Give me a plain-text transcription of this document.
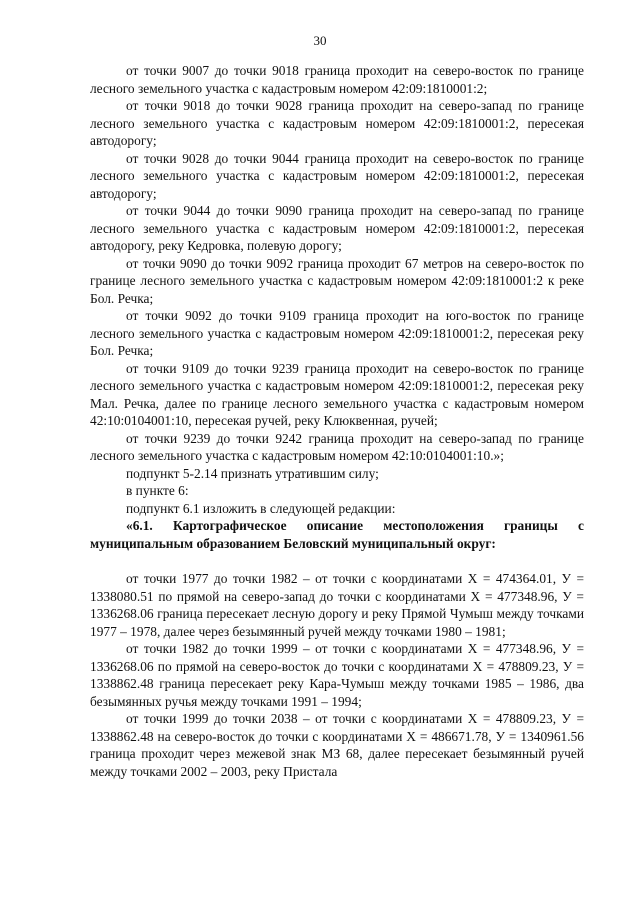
30

от точки 9007 до точки 9018 граница проходит на северо-восток по границе лесного земельного участка с кадастровым номером 42:09:1810001:2;

от точки 9018 до точки 9028 граница проходит на северо-запад по границе лесного земельного участка с кадастровым номером 42:09:1810001:2, пересекая автодорогу;

от точки 9028 до точки 9044 граница проходит на северо-восток по границе лесного земельного участка с кадастровым номером 42:09:1810001:2, пересекая автодорогу;

от точки 9044 до точки 9090 граница проходит на северо-запад по границе лесного земельного участка с кадастровым номером 42:09:1810001:2, пересекая автодорогу, реку Кедровка, полевую дорогу;

от точки 9090 до точки 9092 граница проходит 67 метров на северо-восток по границе лесного земельного участка с кадастровым номером 42:09:1810001:2 к реке Бол. Речка;

от точки 9092 до точки 9109 граница проходит на юго-восток по границе лесного земельного участка с кадастровым номером 42:09:1810001:2, пересекая реку Бол. Речка;

от точки 9109 до точки 9239 граница проходит на северо-восток по границе лесного земельного участка с кадастровым номером 42:09:1810001:2, пересекая реку Мал. Речка, далее по границе лесного земельного участка с кадастровым номером 42:10:0104001:10, пересекая ручей, реку Клюквенная, ручей;

от точки 9239 до точки 9242 граница проходит на северо-запад по границе лесного земельного участка с кадастровым номером 42:10:0104001:10.»;

подпункт 5-2.14 признать утратившим силу;

в пункте 6:

подпункт 6.1 изложить в следующей редакции:

«6.1. Картографическое описание местоположения границы с муниципальным образованием Беловский муниципальный округ:

от точки 1977 до точки 1982 – от точки с координатами Х = 474364.01, У = 1338080.51 по прямой на северо-запад до точки с координатами Х = 477348.96, У = 1336268.06 граница пересекает лесную дорогу и реку Прямой Чумыш между точками 1977 – 1978, далее через безымянный ручей между точками 1980 – 1981;

от точки 1982 до точки 1999 – от точки с координатами Х = 477348.96, У = 1336268.06 по прямой на северо-восток до точки с координатами Х = 478809.23, У = 1338862.48 граница пересекает реку Кара-Чумыш между точками 1985 – 1986, два безымянных ручья между точками 1991 – 1994;

от точки 1999 до точки 2038 – от точки с координатами Х = 478809.23, У = 1338862.48 на северо-восток до точки с координатами Х = 486671.78, У = 1340961.56 граница проходит через межевой знак МЗ 68, далее пересекает безымянный ручей между точками 2002 – 2003, реку Пристала
